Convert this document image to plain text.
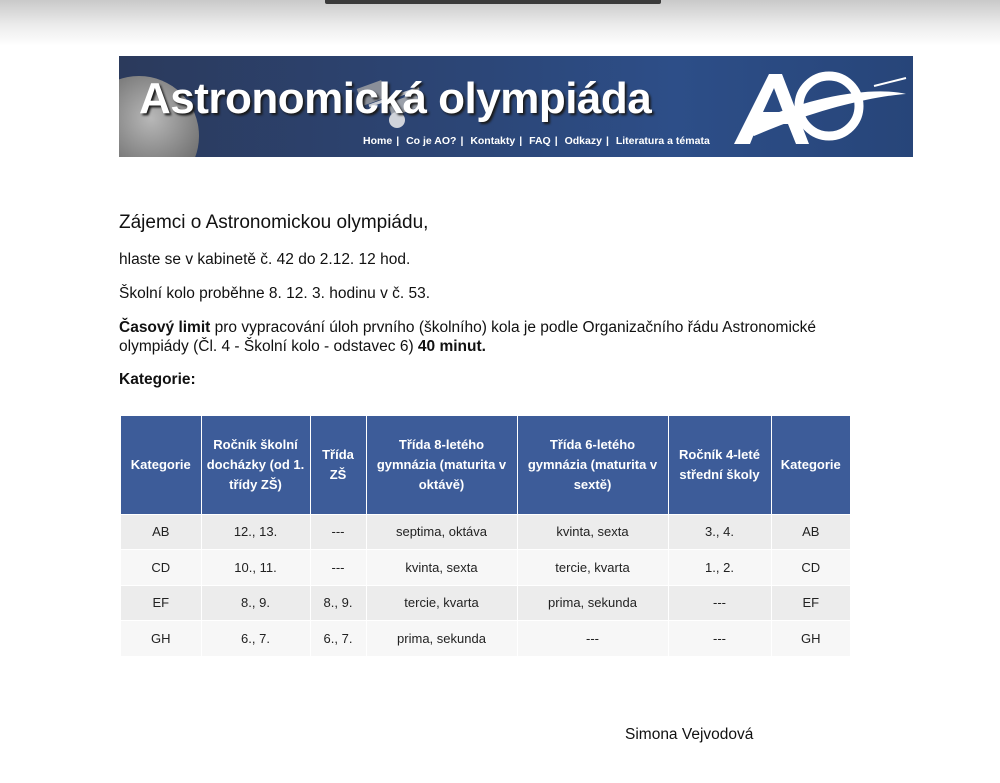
Astronomická olympiáda
Home | Co je AO? | Kontakty | FAQ | Odkazy | Literatura a témata
Zájemci o Astronomickou olympiádu,
hlaste se v kabinetě č. 42 do 2.12. 12 hod.
Školní kolo proběhne 8. 12. 3. hodinu v č. 53.
Časový limit pro vypracování úloh prvního (školního) kola je podle Organizačního řádu Astronomické olympiády (Čl. 4 - Školní kolo - odstavec 6) 40 minut.
Kategorie:
Kategorie	Ročník školní docházky (od 1. třídy ZŠ)	Třída ZŠ	Třída 8-letého gymnázia (maturita v oktávě)	Třída 6-letého gymnázia (maturita v sextě)	Ročník 4-leté střední školy	Kategorie
AB	12., 13.	---	septima, oktáva	kvinta, sexta	3., 4.	AB
CD	10., 11.	---	kvinta, sexta	tercie, kvarta	1., 2.	CD
EF	8., 9.	8., 9.	tercie, kvarta	prima, sekunda	---	EF
GH	6., 7.	6., 7.	prima, sekunda	---	---	GH
Simona Vejvodová
